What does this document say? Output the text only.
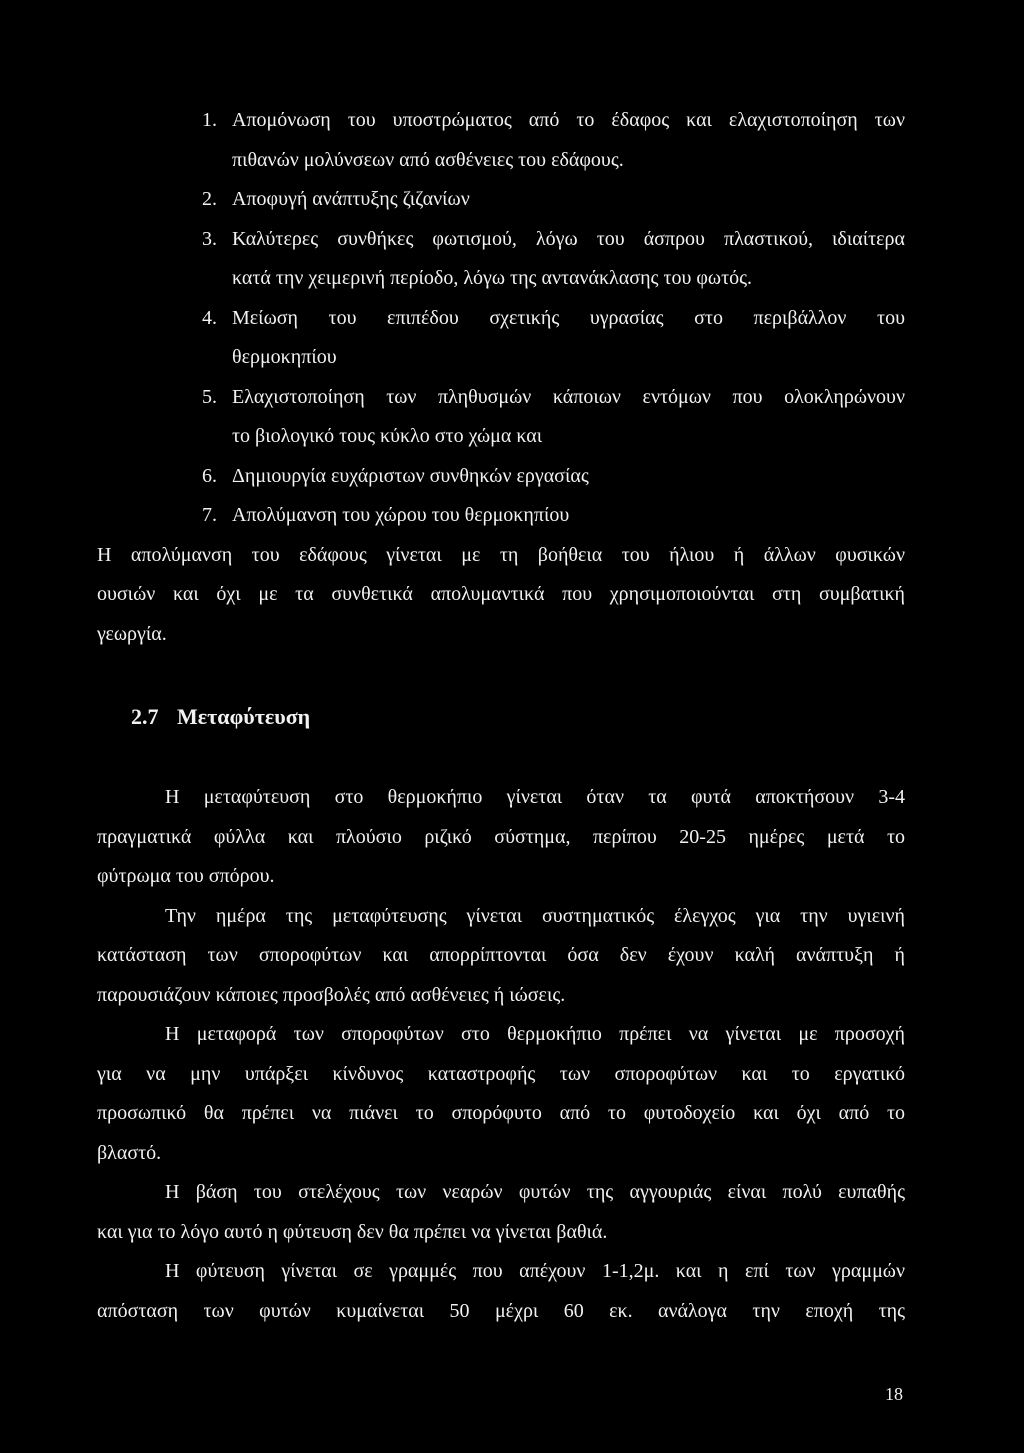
1. Απομόνωση του υποστρώματος από το έδαφος και ελαχιστοποίηση των
πιθανών μολύνσεων από ασθένειες του εδάφους.
2. Αποφυγή ανάπτυξης ζιζανίων
3. Καλύτερες συνθήκες φωτισμού, λόγω του άσπρου πλαστικού, ιδιαίτερα
κατά την χειμερινή περίοδο, λόγω της αντανάκλασης του φωτός.
4. Μείωση του επιπέδου σχετικής υγρασίας στο περιβάλλον του
θερμοκηπίου
5. Ελαχιστοποίηση των πληθυσμών κάποιων εντόμων που ολοκληρώνουν
το βιολογικό τους κύκλο στο χώμα και
6. Δημιουργία ευχάριστων συνθηκών εργασίας
7. Απολύμανση του χώρου του θερμοκηπίου
Η απολύμανση του εδάφους γίνεται με τη βοήθεια του ήλιου ή άλλων φυσικών
ουσιών και όχι με τα συνθετικά απολυμαντικά που χρησιμοποιούνται στη συμβατική
γεωργία.
2.7 Μεταφύτευση
Η μεταφύτευση στο θερμοκήπιο γίνεται όταν τα φυτά αποκτήσουν 3-4
πραγματικά φύλλα και πλούσιο ριζικό σύστημα, περίπου 20-25 ημέρες μετά το
φύτρωμα του σπόρου.
Την ημέρα της μεταφύτευσης γίνεται συστηματικός έλεγχος για την υγιεινή
κατάσταση των σποροφύτων και απορρίπτονται όσα δεν έχουν καλή ανάπτυξη ή
παρουσιάζουν κάποιες προσβολές από ασθένειες ή ιώσεις.
Η μεταφορά των σποροφύτων στο θερμοκήπιο πρέπει να γίνεται με προσοχή
για να μην υπάρξει κίνδυνος καταστροφής των σποροφύτων και το εργατικό
προσωπικό θα πρέπει να πιάνει το σπορόφυτο από το φυτοδοχείο και όχι από το
βλαστό.
Η βάση του στελέχους των νεαρών φυτών της αγγουριάς είναι πολύ ευπαθής
και για το λόγο αυτό η φύτευση δεν θα πρέπει να γίνεται βαθιά.
Η φύτευση γίνεται σε γραμμές που απέχουν 1-1,2μ. και η επί των γραμμών
απόσταση των φυτών κυμαίνεται 50 μέχρι 60 εκ. ανάλογα την εποχή της
18
